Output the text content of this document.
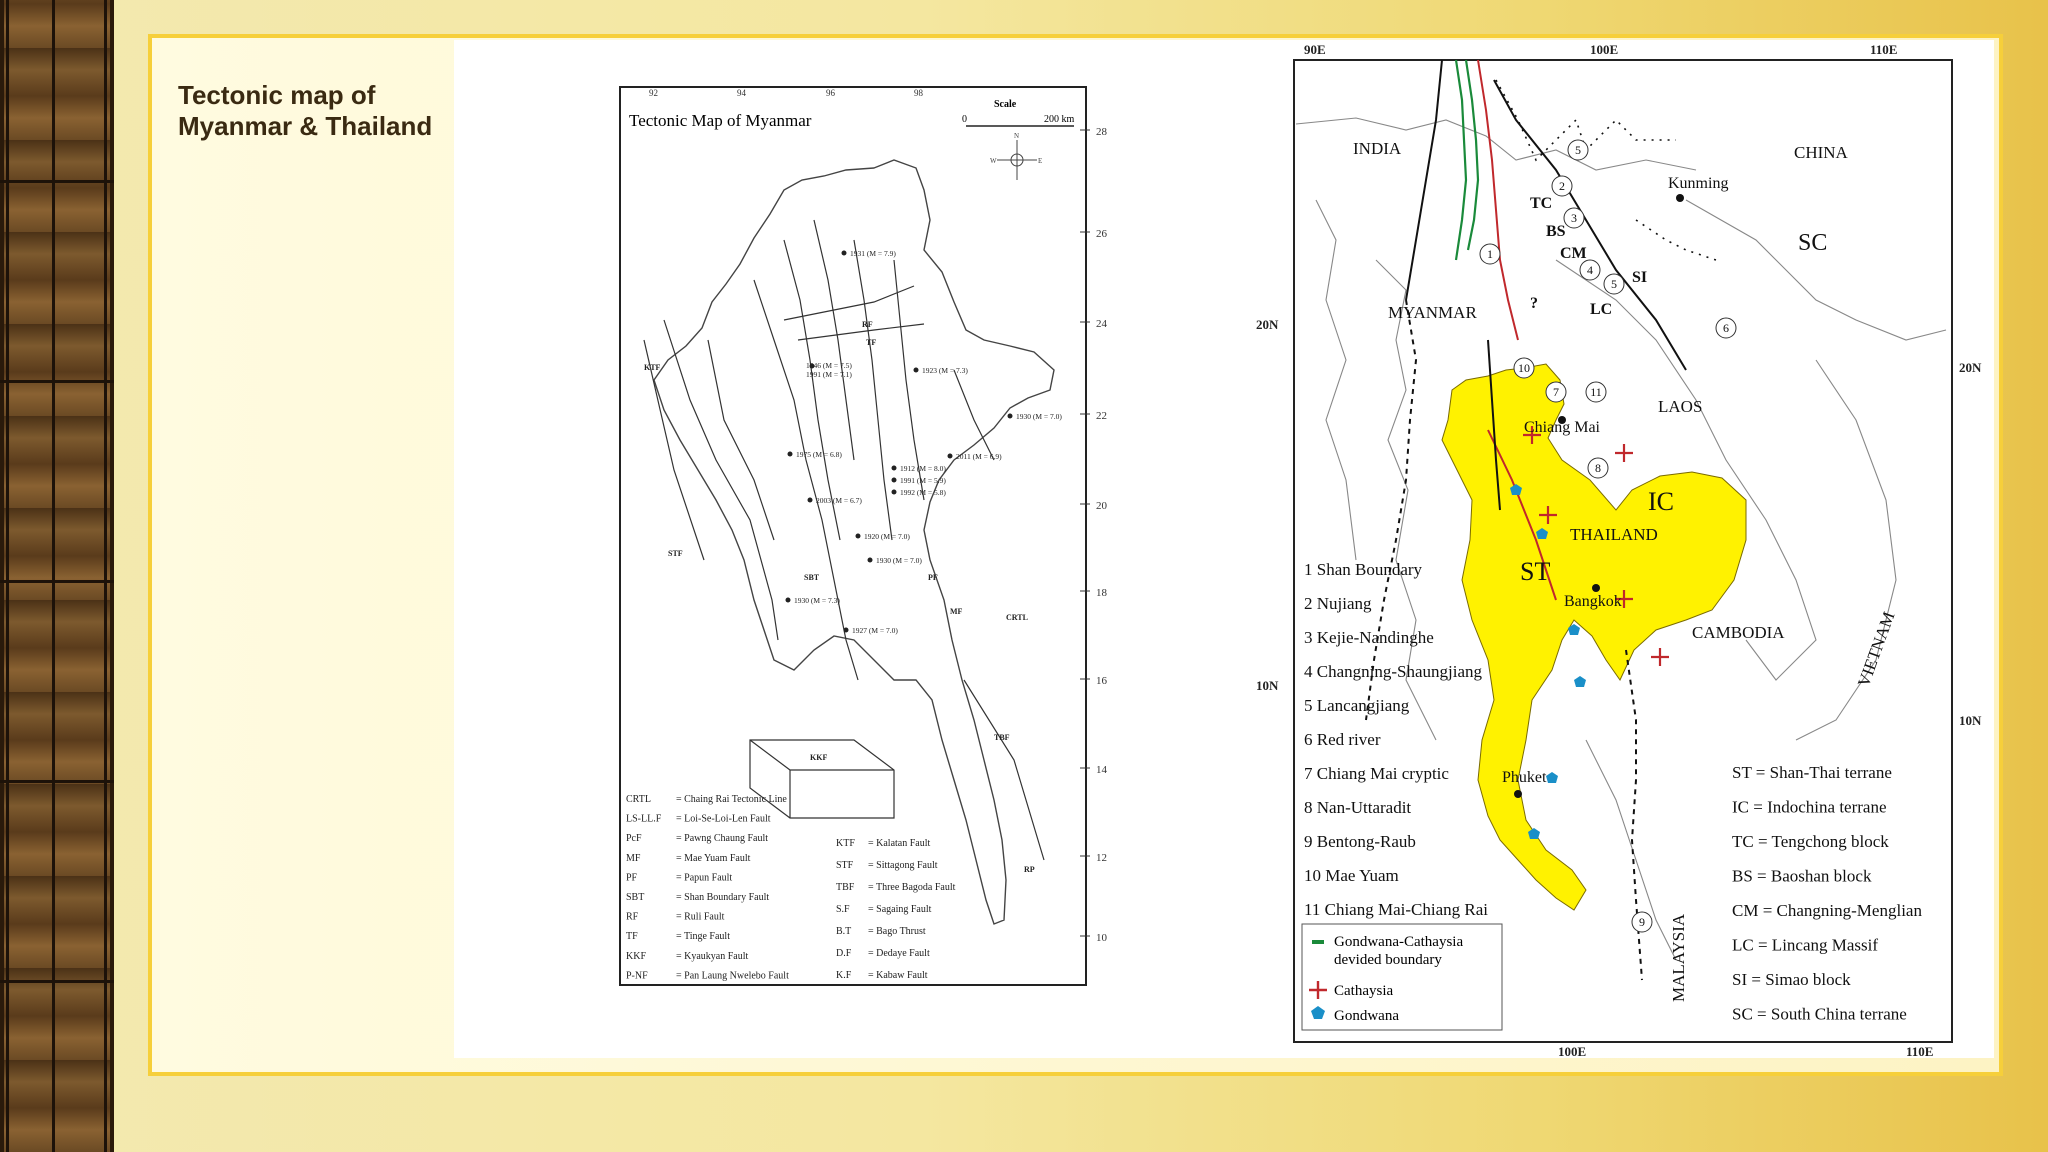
Tectonic map of
Myanmar & Thailand	Tectonic Map of Myanmar
92	94	96	98
28
26
24
22
20
18
16
14
12
10
Scale
0	200 km
N
W	E
1931 (M = 7.9)
1946 (M = 7.5)
1991 (M = 7.1)	1923 (M = 7.3)
1930 (M = 7.0)
2011 (M = 6.9)
1975 (M = 6.8)
1912 (M = 8.0)
1991 (M = 5.9)
1992 (M = 5.8)
2003 (M = 6.7)
1920 (M = 7.0)
1930 (M = 7.0)
1930 (M = 7.3)
1927 (M = 7.0)
RF
TF
KTF
STF
MF
PF
CRTL
TBF
SBT
KKF
RP
CRTL	= Chaing Rai Tectonic Line
LS-LL.F = Loi-Se-Loi-Len Fault
PcF	= Pawng Chaung Fault
MF	= Mae Yuam Fault
PF	= Papun Fault
SBT	= Shan Boundary Fault
RF	= Ruli Fault
TF	= Tinge Fault
KKF	= Kyaukyan Fault
P-NF	= Pan Laung Nwelebo Fault
KTF = Kalatan Fault
STF = Sittagong Fault
TBF = Three Bagoda Fault
S.F = Sagaing Fault
B.T = Bago Thrust
D.F = Dedaye Fault
K.F = Kabaw Fault
90E	100E	110E
100E	110E
20N
10N
20N
10N
1
2
3
4
5
5
6
7
8
9
10
11
Kunming
Chiang Mai
Bangkok
Phuket
INDIA	CHINA
MYANMAR
LAOS
THAILAND
CAMBODIA	VIETNAM
MALAYSIA
SC
TC
BS
CM
SI
LC
IC
ST
?
1 Shan Boundary
2 Nujiang
3 Kejie-Nandinghe
4 Changning-Shaungjiang
5 Lancangjiang
6 Red river
7 Chiang Mai cryptic
8 Nan-Uttaradit
9 Bentong-Raub
10 Mae Yuam
11 Chiang Mai-Chiang Rai
ST = Shan-Thai terrane
IC = Indochina terrane
TC = Tengchong block
BS = Baoshan block
CM = Changning-Menglian
LC = Lincang Massif
SI = Simao block
SC = South China terrane
Gondwana-Cathaysia
devided boundary
Cathaysia
Gondwana
